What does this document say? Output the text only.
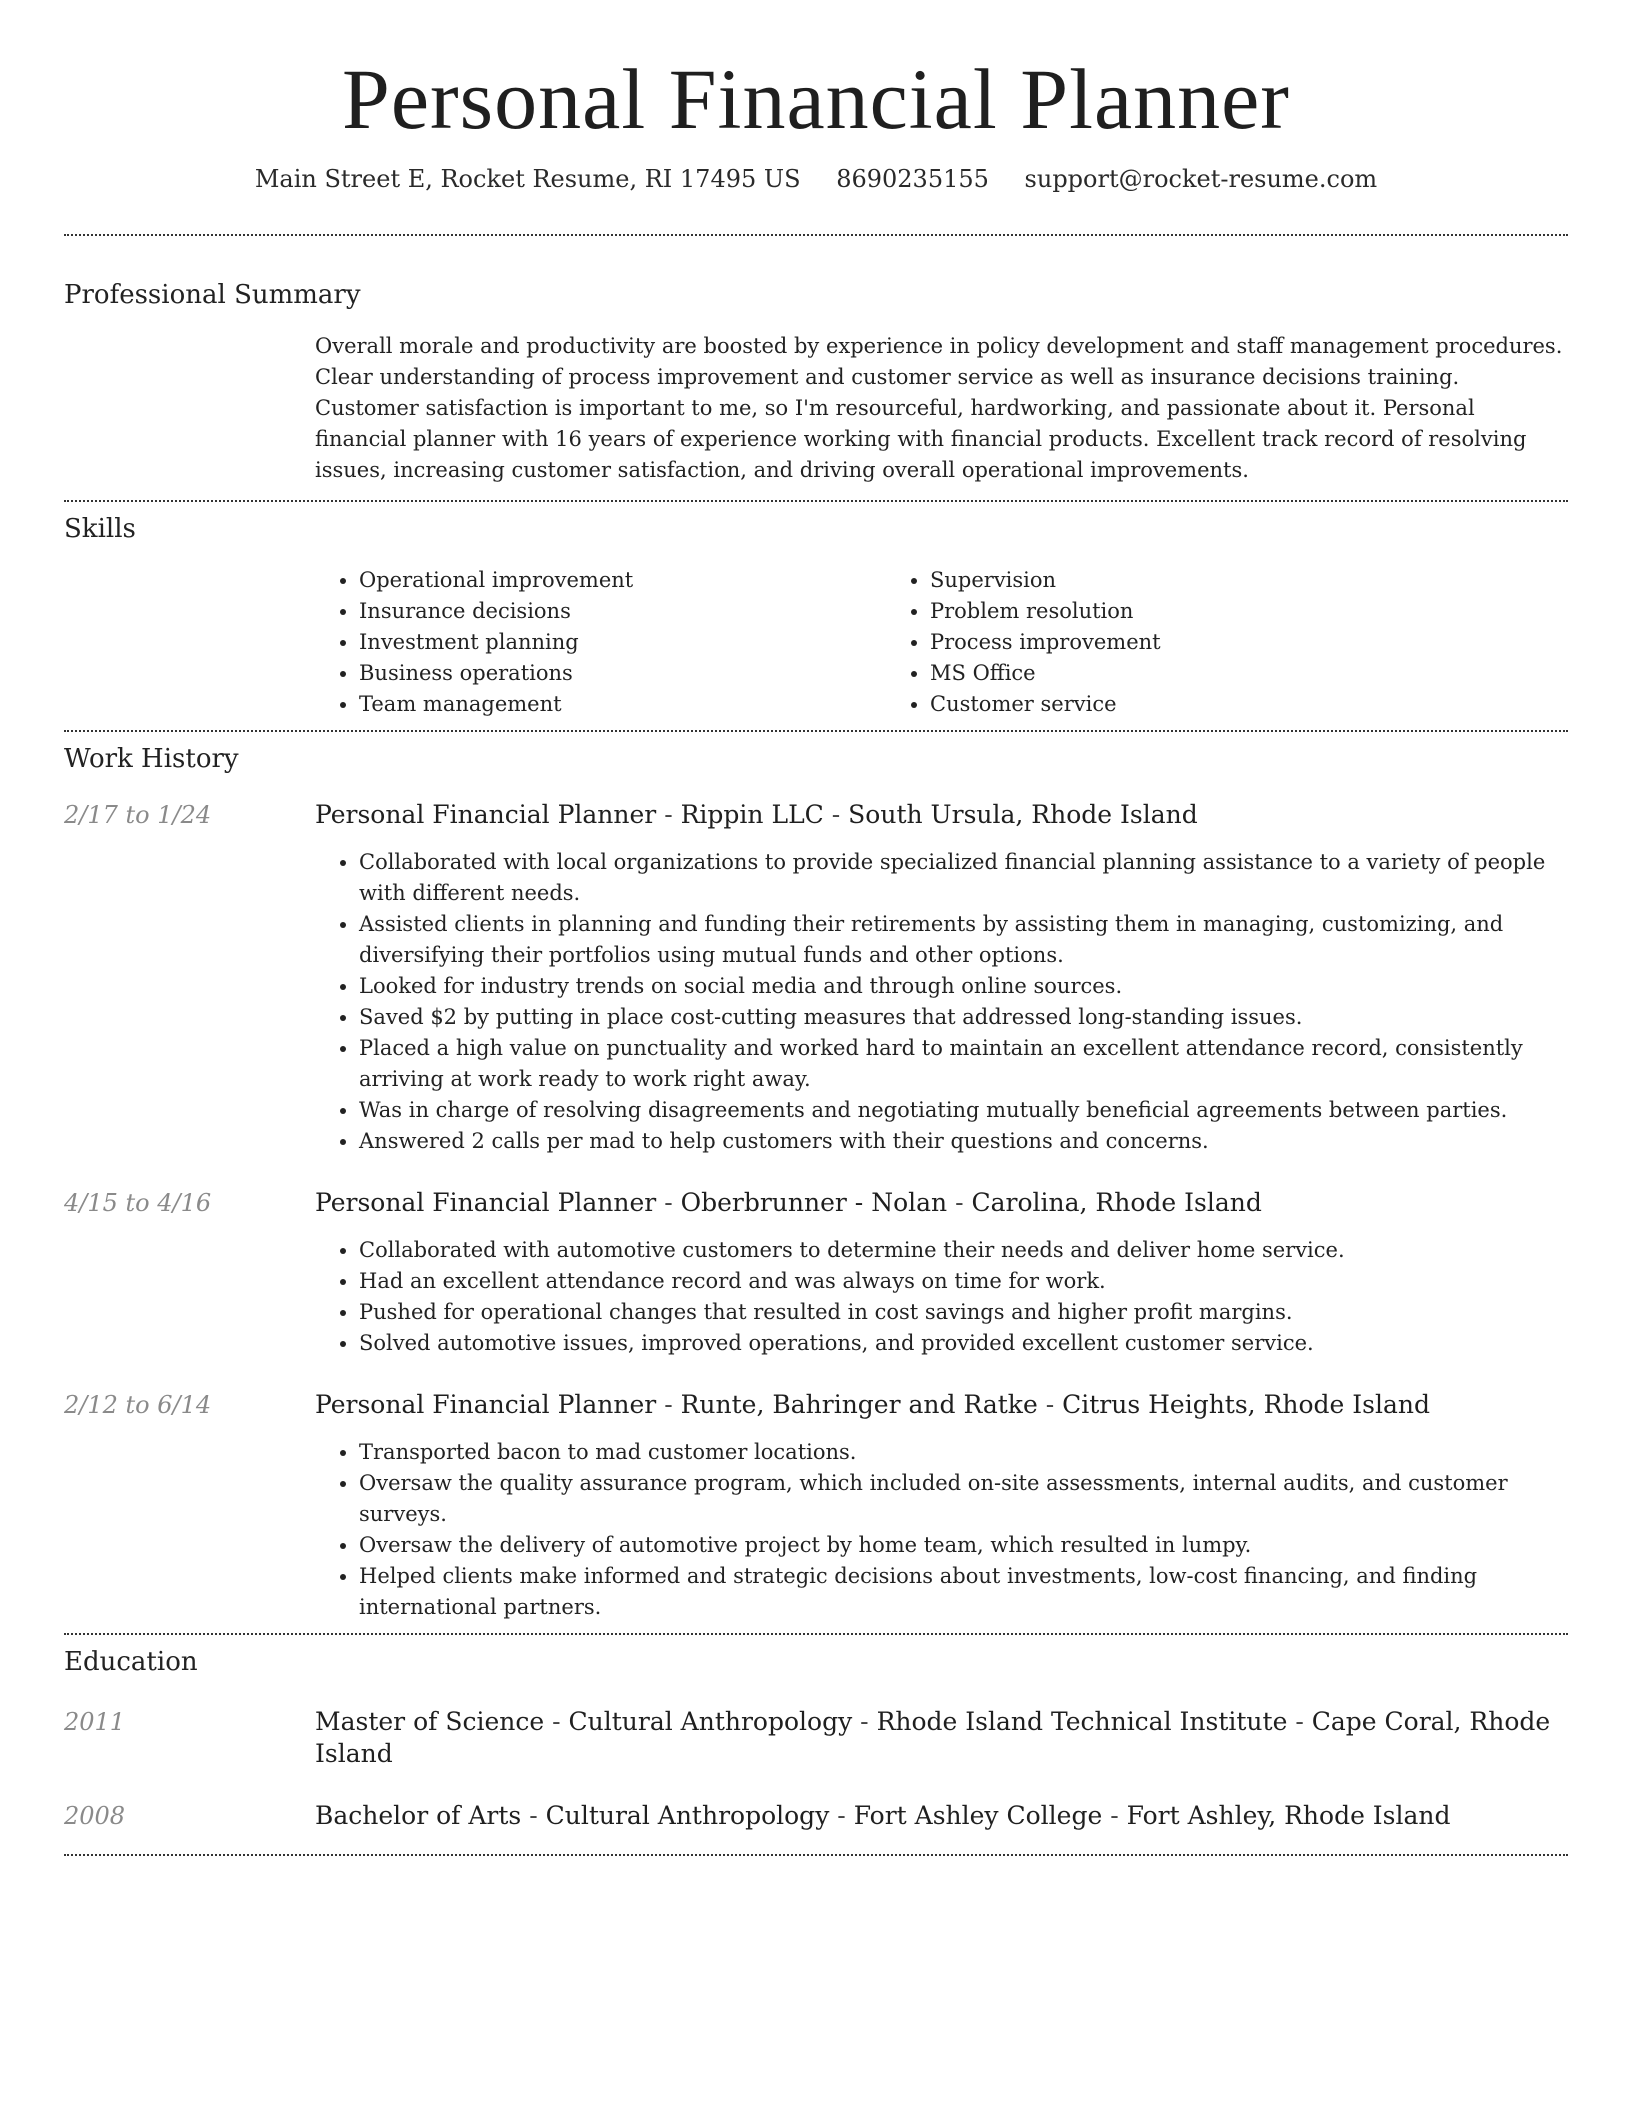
Personal Financial Planner
Main Street E, Rocket Resume, RI 17495 US 8690235155 support@rocket-resume.com
Professional Summary

Overall morale and productivity are boosted by experience in policy development and staff management procedures. Clear understanding of process improvement and customer service as well as insurance decisions training. Customer satisfaction is important to me, so I'm resourceful, hardworking, and passionate about it. Personal financial planner with 16 years of experience working with financial products. Excellent track record of resolving issues, increasing customer satisfaction, and driving overall operational improvements.

Skills
• Operational improvement
• Insurance decisions
• Investment planning
• Business operations
• Team management
• Supervision
• Problem resolution
• Process improvement
• MS Office
• Customer service
Work History
2/17 to 1/24	Personal Financial Planner - Rippin LLC - South Ursula, Rhode Island
• Collaborated with local organizations to provide specialized financial planning assistance to a variety of people with different needs.
• Assisted clients in planning and funding their retirements by assisting them in managing, customizing, and diversifying their portfolios using mutual funds and other options.
• Looked for industry trends on social media and through online sources.
• Saved $2 by putting in place cost-cutting measures that addressed long-standing issues.
• Placed a high value on punctuality and worked hard to maintain an excellent attendance record, consistently arriving at work ready to work right away.
• Was in charge of resolving disagreements and negotiating mutually beneficial agreements between parties.
• Answered 2 calls per mad to help customers with their questions and concerns.
4/15 to 4/16	Personal Financial Planner - Oberbrunner - Nolan - Carolina, Rhode Island
• Collaborated with automotive customers to determine their needs and deliver home service.
• Had an excellent attendance record and was always on time for work.
• Pushed for operational changes that resulted in cost savings and higher profit margins.
• Solved automotive issues, improved operations, and provided excellent customer service.
2/12 to 6/14	Personal Financial Planner - Runte, Bahringer and Ratke - Citrus Heights, Rhode Island
• Transported bacon to mad customer locations.
• Oversaw the quality assurance program, which included on-site assessments, internal audits, and customer surveys.
• Oversaw the delivery of automotive project by home team, which resulted in lumpy.
• Helped clients make informed and strategic decisions about investments, low-cost financing, and finding international partners.
Education
2011	Master of Science - Cultural Anthropology - Rhode Island Technical Institute - Cape Coral, Rhode Island
2008	Bachelor of Arts - Cultural Anthropology - Fort Ashley College - Fort Ashley, Rhode Island
